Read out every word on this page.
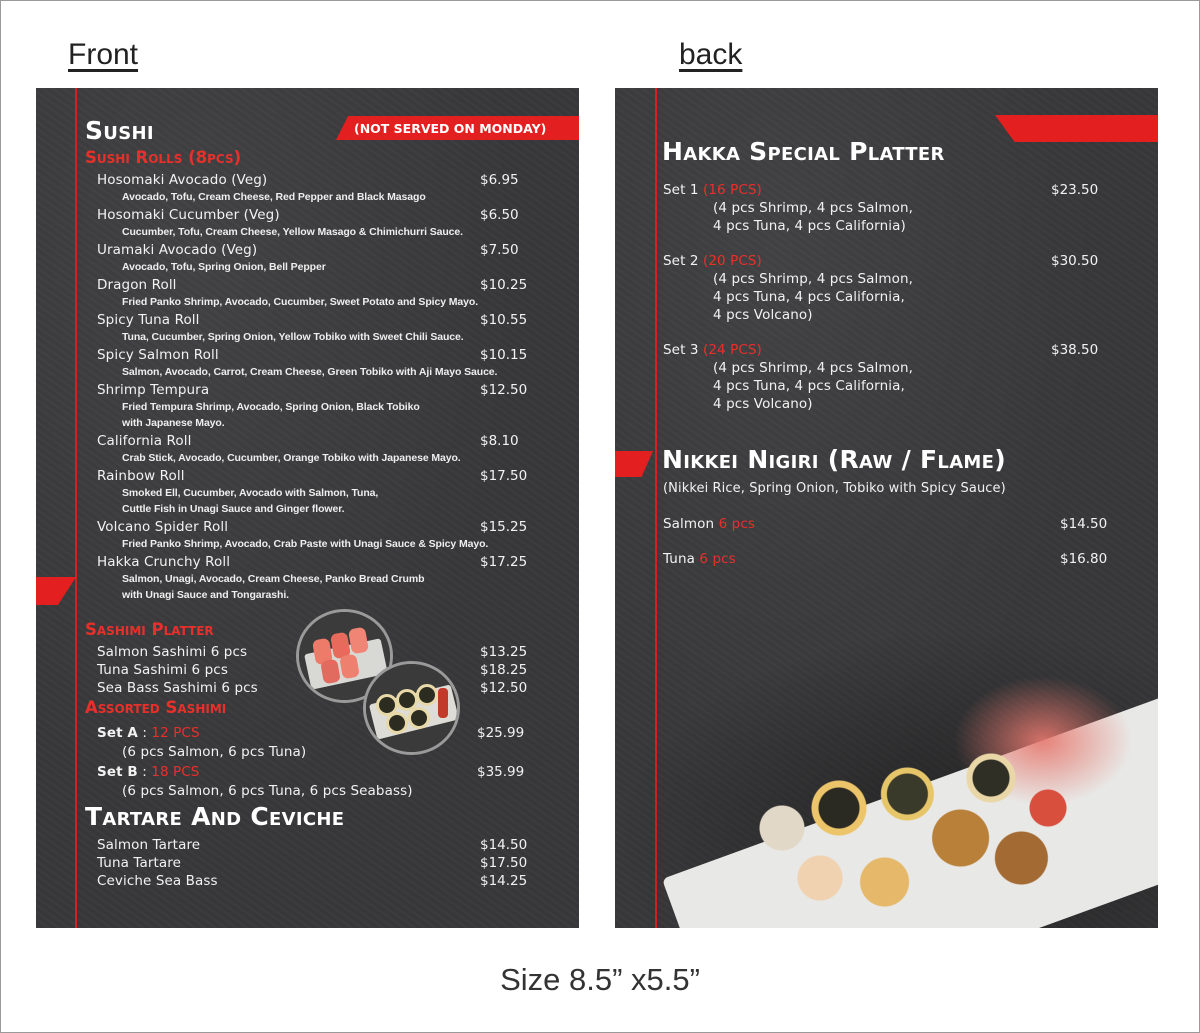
Front	back
(NOT SERVED ON MONDAY)
Sushi
Sushi Rolls (8pcs)
Hosomaki Avocado (Veg)	$6.95
Avocado, Tofu, Cream Cheese, Red Pepper and Black Masago
Hosomaki Cucumber (Veg)	$6.50
Cucumber, Tofu, Cream Cheese, Yellow Masago & Chimichurri Sauce.
Uramaki Avocado (Veg)	$7.50
Avocado, Tofu, Spring Onion, Bell Pepper
Dragon Roll	$10.25
Fried Panko Shrimp, Avocado, Cucumber, Sweet Potato and Spicy Mayo.
Spicy Tuna Roll	$10.55
Tuna, Cucumber, Spring Onion, Yellow Tobiko with Sweet Chili Sauce.
Spicy Salmon Roll	$10.15
Salmon, Avocado, Carrot, Cream Cheese, Green Tobiko with Aji Mayo Sauce.
Shrimp Tempura	$12.50
Fried Tempura Shrimp, Avocado, Spring Onion, Black Tobiko
with Japanese Mayo.
California Roll	$8.10
Crab Stick, Avocado, Cucumber, Orange Tobiko with Japanese Mayo.
Rainbow Roll	$17.50
Smoked Ell, Cucumber, Avocado with Salmon, Tuna,
Cuttle Fish in Unagi Sauce and Ginger flower.
Volcano Spider Roll	$15.25
Fried Panko Shrimp, Avocado, Crab Paste with Unagi Sauce & Spicy Mayo.
Hakka Crunchy Roll	$17.25
Salmon, Unagi, Avocado, Cream Cheese, Panko Bread Crumb
with Unagi Sauce and Tongarashi.
Sashimi Platter
Salmon Sashimi 6 pcs	$13.25
Tuna Sashimi 6 pcs	$18.25
Sea Bass Sashimi 6 pcs	$12.50
Assorted Sashimi
Set A : 12 PCS	$25.99
(6 pcs Salmon, 6 pcs Tuna)
Set B : 18 PCS	$35.99
(6 pcs Salmon, 6 pcs Tuna, 6 pcs Seabass)
Tartare And Ceviche
Salmon Tartare	$14.50
Tuna Tartare	$17.50
Ceviche Sea Bass	$14.25
Hakka Special Platter
Set 1 (16 PCS)	$23.50
(4 pcs Shrimp, 4 pcs Salmon,
4 pcs Tuna, 4 pcs California)
Set 2 (20 PCS)	$30.50
(4 pcs Shrimp, 4 pcs Salmon,
4 pcs Tuna, 4 pcs California,
4 pcs Volcano)
Set 3 (24 PCS)	$38.50
(4 pcs Shrimp, 4 pcs Salmon,
4 pcs Tuna, 4 pcs California,
4 pcs Volcano)
Nikkei Nigiri (Raw / Flame)
(Nikkei Rice, Spring Onion, Tobiko with Spicy Sauce)
Salmon 6 pcs	$14.50
Tuna 6 pcs	$16.80
Size 8.5” x5.5”
